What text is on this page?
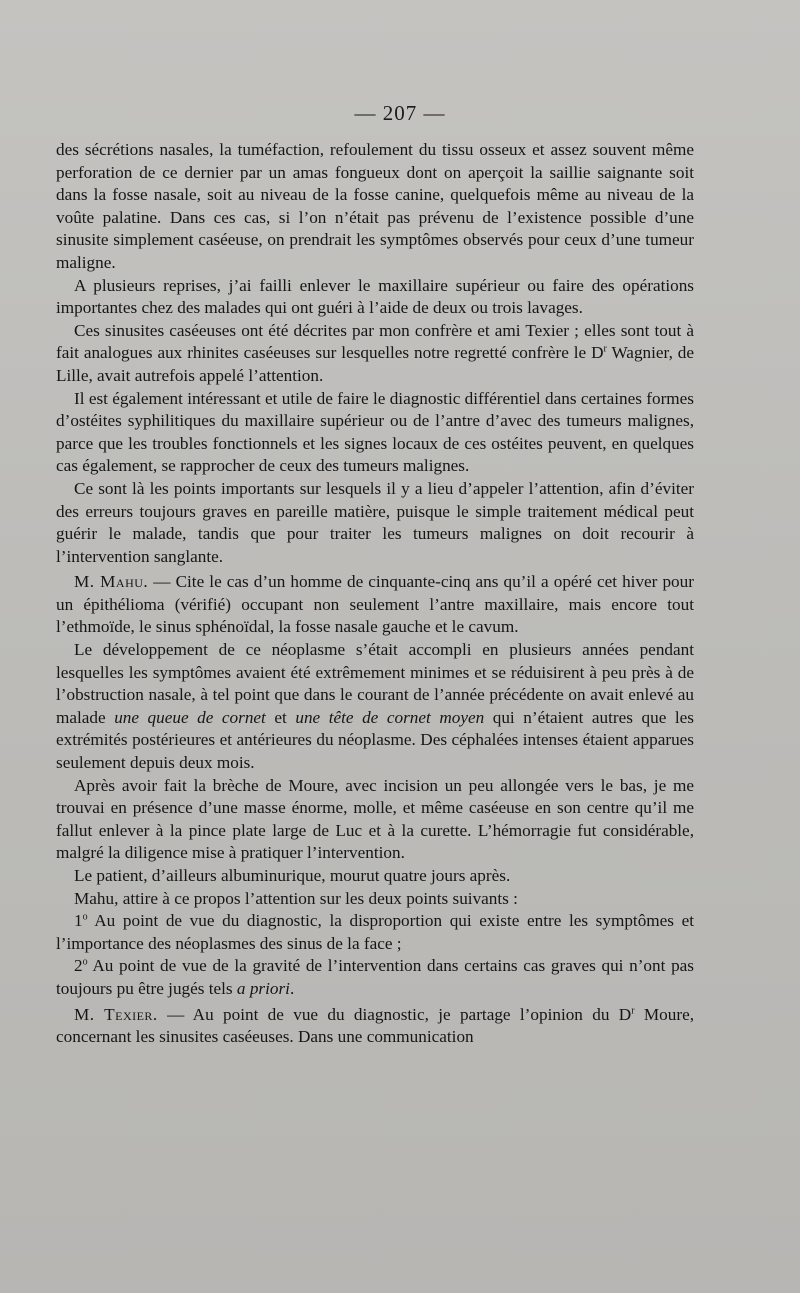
— 207 —

des sécrétions nasales, la tuméfaction, refoulement du tissu osseux et assez souvent même perforation de ce dernier par un amas fongueux dont on aperçoit la saillie saignante soit dans la fosse nasale, soit au niveau de la fosse canine, quelquefois même au niveau de la voûte palatine. Dans ces cas, si l’on n’était pas prévenu de l’existence possible d’une sinusite simplement caséeuse, on prendrait les symptômes observés pour ceux d’une tumeur maligne.

A plusieurs reprises, j’ai failli enlever le maxillaire supérieur ou faire des opérations importantes chez des malades qui ont guéri à l’aide de deux ou trois lavages.

Ces sinusites caséeuses ont été décrites par mon confrère et ami Texier ; elles sont tout à fait analogues aux rhinites caséeuses sur lesquelles notre regretté confrère le $D^r$ Wagnier, de Lille, avait autrefois appelé l’attention.

Il est également intéressant et utile de faire le diagnostic différentiel dans certaines formes d’ostéites syphilitiques du maxillaire supérieur ou de l’antre d’avec des tumeurs malignes, parce que les troubles fonctionnels et les signes locaux de ces ostéites peuvent, en quelques cas également, se rapprocher de ceux des tumeurs malignes.

Ce sont là les points importants sur lesquels il y a lieu d’appeler l’attention, afin d’éviter des erreurs toujours graves en pareille matière, puisque le simple traitement médical peut guérir le malade, tandis que pour traiter les tumeurs malignes on doit recourir à l’intervention sanglante.

M. Mahu. — Cite le cas d’un homme de cinquante-cinq ans qu’il a opéré cet hiver pour un épithélioma (vérifié) occupant non seulement l’antre maxillaire, mais encore tout l’ethmoïde, le sinus sphénoïdal, la fosse nasale gauche et le cavum.

Le développement de ce néoplasme s’était accompli en plusieurs années pendant lesquelles les symptômes avaient été extrêmement minimes et se réduisirent à peu près à de l’obstruction nasale, à tel point que dans le courant de l’année précédente on avait enlevé au malade une queue de cornet et une tête de cornet moyen qui n’étaient autres que les extrémités postérieures et antérieures du néoplasme. Des céphalées intenses étaient apparues seulement depuis deux mois.

Après avoir fait la brèche de Moure, avec incision un peu allongée vers le bas, je me trouvai en présence d’une masse énorme, molle, et même caséeuse en son centre qu’il me fallut enlever à la pince plate large de Luc et à la curette. L’hémorragie fut considérable, malgré la diligence mise à pratiquer l’intervention.

Le patient, d’ailleurs albuminurique, mourut quatre jours après.

Mahu, attire à ce propos l’attention sur les deux points suivants :

1$^o$ Au point de vue du diagnostic, la disproportion qui existe entre les symptômes et l’importance des néoplasmes des sinus de la face ;

2$^o$ Au point de vue de la gravité de l’intervention dans certains cas graves qui n’ont pas toujours pu être jugés tels a priori.

M. Texier. — Au point de vue du diagnostic, je partage l’opinion du $D^r$ Moure, concernant les sinusites caséeuses. Dans une communication
